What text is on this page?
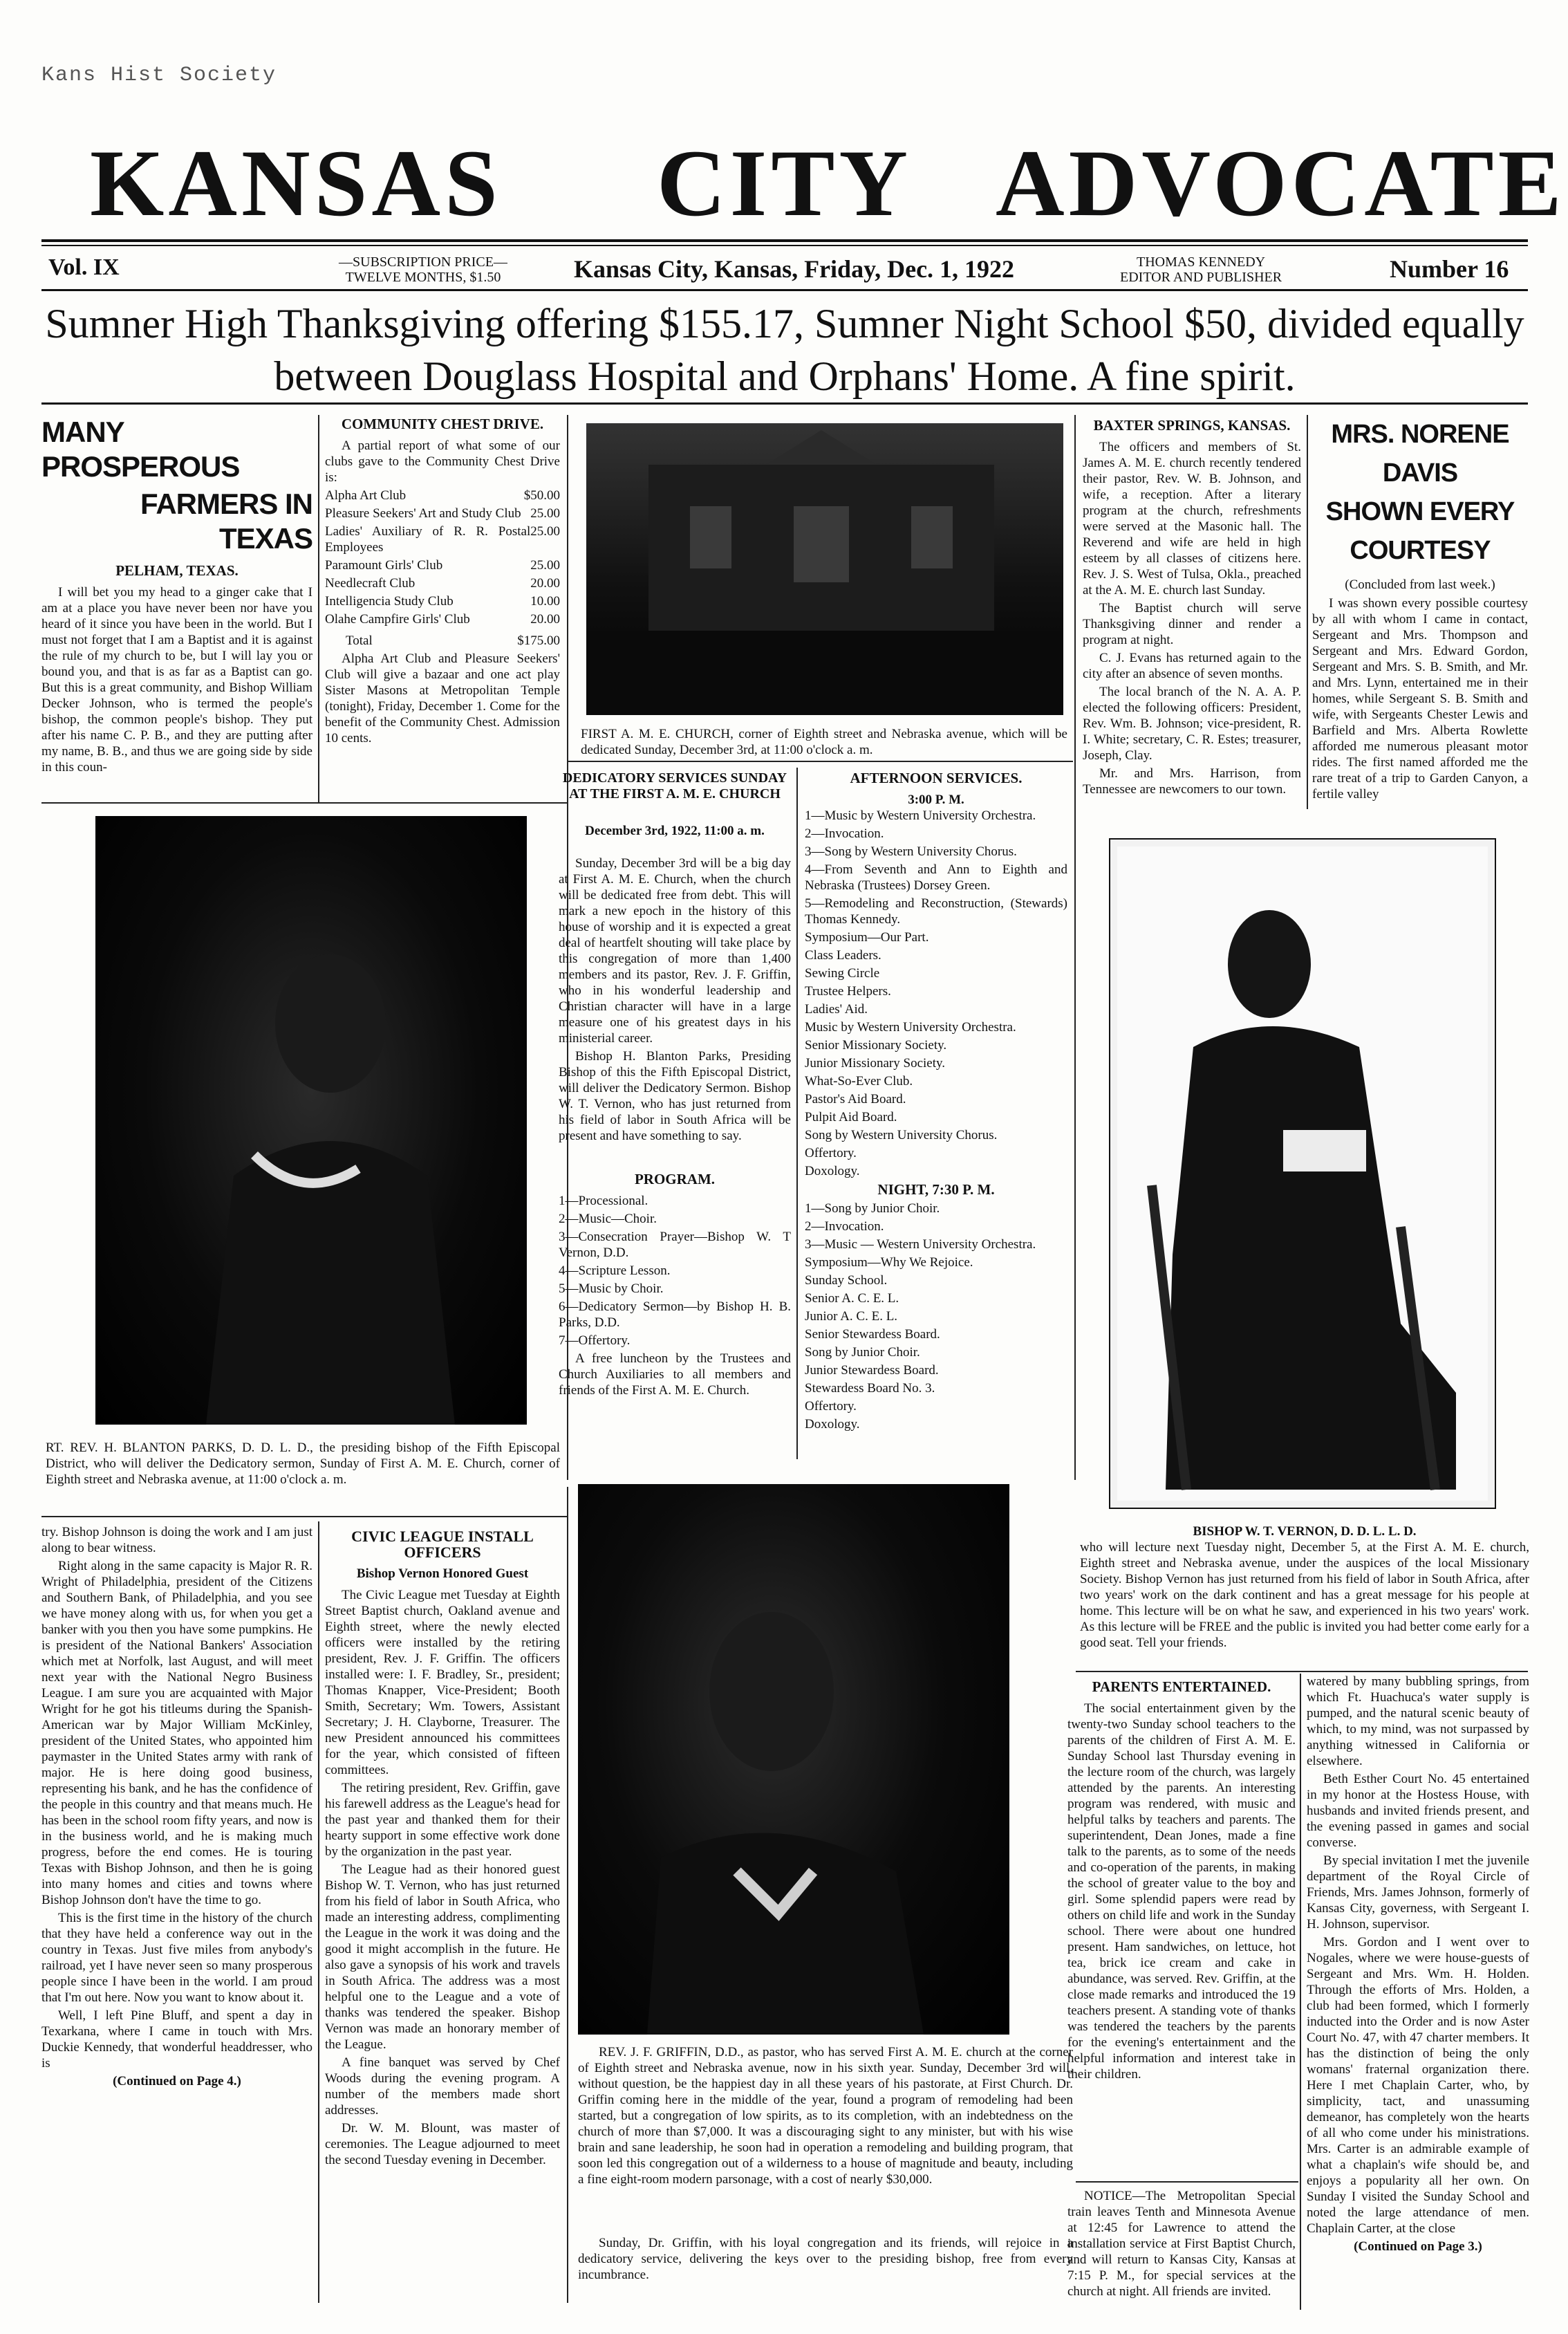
Kans Hist Society
KANSAS CITY ADVOCATE
Vol. IX	—SUBSCRIPTION PRICE—
TWELVE MONTHS, $1.50	Kansas City, Kansas, Friday, Dec. 1, 1922	THOMAS KENNEDY
EDITOR AND PUBLISHER	Number 16
Sumner High Thanksgiving offering $155.17, Sumner Night School $50, divided equally
between Douglass Hospital and Orphans' Home. A fine spirit.
MANY PROSPEROUS
FARMERS IN TEXAS
PELHAM, TEXAS.

I will bet you my head to a ginger cake that I am at a place you have never been nor have you heard of it since you have been in the world. But I must not forget that I am a Baptist and it is against the rule of my church to be, but I will lay you or bound you, and that is as far as a Baptist can go. But this is a great community, and Bishop William Decker Johnson, who is termed the people's bishop, the common people's bishop. They put after his name C. P. B., and they are putting after my name, B. B., and thus we are going side by side in this coun-

COMMUNITY CHEST DRIVE.

A partial report of what some of our clubs gave to the Community Chest Drive is:

Alpha Art Club	$50.00

Pleasure Seekers' Art and Study Club 25.00

Ladies' Auxiliary of R. R. Postal Employees
25.00

Paramount Girls' Club	25.00

Needlecraft Club	20.00

Intelligencia Study Club	10.00

Olahe Campfire Girls' Club	20.00

Total	$175.00

Alpha Art Club and Pleasure Seekers' Club will give a bazaar and one act play Sister Masons at Metropolitan Temple (tonight), Friday, December 1. Come for the benefit of the Community Chest. Admission 10 cents.	FIRST A. M. E. CHURCH, corner of Eighth street and Nebraska avenue, which will be dedicated Sunday, December 3rd, at 11:00 o'clock a. m.
DEDICATORY SERVICES SUNDAY AT THE FIRST A. M. E. CHURCH
December 3rd, 1922, 11:00 a. m.

Sunday, December 3rd will be a big day at First A. M. E. Church, when the church will be dedicated free from debt. This will mark a new epoch in the history of this house of worship and it is expected a great deal of heartfelt shouting will take place by this congregation of more than 1,400 members and its pastor, Rev. J. F. Griffin, who in his wonderful leadership and Christian character will have in a large measure one of his greatest days in his ministerial career.

Bishop H. Blanton Parks, Presiding Bishop of this the Fifth Episcopal District, will deliver the Dedicatory Sermon. Bishop W. T. Vernon, who has just returned from his field of labor in South Africa will be present and have something to say.

PROGRAM.

1—Processional.

2—Music—Choir.

3—Consecration Prayer—Bishop W. T Vernon, D.D.

4—Scripture Lesson.

5—Music by Choir.

6—Dedicatory Sermon—by Bishop H. B. Parks, D.D.

7—Offertory.

A free luncheon by the Trustees and Church Auxiliaries to all members and friends of the First A. M. E. Church.

AFTERNOON SERVICES.
3:00 P. M.

1—Music by Western University Orchestra.

2—Invocation.

3—Song by Western University Chorus.

4—From Seventh and Ann to Eighth and Nebraska (Trustees) Dorsey Green.

5—Remodeling and Reconstruction, (Stewards) Thomas Kennedy.

Symposium—Our Part.

Class Leaders.

Sewing Circle

Trustee Helpers.

Ladies' Aid.

Music by Western University Orchestra.

Senior Missionary Society.

Junior Missionary Society.

What-So-Ever Club.

Pastor's Aid Board.

Pulpit Aid Board.

Song by Western University Chorus.

Offertory.

Doxology.

NIGHT, 7:30 P. M.

1—Song by Junior Choir.

2—Invocation.

3—Music — Western University Orchestra.

Symposium—Why We Rejoice.

Sunday School.

Senior A. C. E. L.

Junior A. C. E. L.

Senior Stewardess Board.

Song by Junior Choir.

Junior Stewardess Board.

Stewardess Board No. 3.

Offertory.

Doxology.

BAXTER SPRINGS, KANSAS.

The officers and members of St. James A. M. E. church recently tendered their pastor, Rev. W. B. Johnson, and wife, a reception. After a literary program at the church, refreshments were served at the Masonic hall. The Reverend and wife are held in high esteem by all classes of citizens here. Rev. J. S. West of Tulsa, Okla., preached at the A. M. E. church last Sunday.

The Baptist church will serve Thanksgiving dinner and render a program at night.

C. J. Evans has returned again to the city after an absence of seven months.

The local branch of the N. A. A. P. elected the following officers: President, Rev. Wm. B. Johnson; vice-president, R. I. White; secretary, C. R. Estes; treasurer, Joseph, Clay.

Mr. and Mrs. Harrison, from Tennessee are newcomers to our town.

MRS. NORENE DAVIS
SHOWN EVERY
COURTESY
(Concluded from last week.)

I was shown every possible courtesy by all with whom I came in contact, Sergeant and Mrs. Thompson and Sergeant and Mrs. Edward Gordon, Sergeant and Mrs. S. B. Smith, and Mr. and Mrs. Lynn, entertained me in their homes, while Sergeant S. B. Smith and wife, with Sergeants Chester Lewis and Barfield and Mrs. Alberta Rowlette afforded me numerous pleasant motor rides. The first named afforded me the rare treat of a trip to Garden Canyon, a fertile valley

RT. REV. H. BLANTON PARKS, D. D. L. D., the presiding bishop of the Fifth Episcopal District, who will deliver the Dedicatory sermon, Sunday of First A. M. E. Church, corner of Eighth street and Nebraska avenue, at 11:00 o'clock a. m.
BISHOP W. T. VERNON, D. D. L. L. D.
who will lecture next Tuesday night, December 5, at the First A. M. E. church, Eighth street and Nebraska avenue, under the auspices of the local Missionary Society. Bishop Vernon has just returned from his field of labor in South Africa, after two years' work on the dark continent and has a great message for his people at home. This lecture will be on what he saw, and experienced in his two years' work. As this lecture will be FREE and the public is invited you had better come early for a good seat. Tell your friends.

try. Bishop Johnson is doing the work and I am just along to bear witness.

Right along in the same capacity is Major R. R. Wright of Philadelphia, president of the Citizens and Southern Bank, of Philadelphia, and you see we have money along with us, for when you get a banker with you then you have some pumpkins. He is president of the National Bankers' Association which met at Norfolk, last August, and will meet next year with the National Negro Business League. I am sure you are acquainted with Major Wright for he got his titleums during the Spanish-American war by Major William McKinley, president of the United States, who appointed him paymaster in the United States army with rank of major. He is here doing good business, representing his bank, and he has the confidence of the people in this country and that means much. He has been in the school room fifty years, and now is in the business world, and he is making much progress, before the end comes. He is touring Texas with Bishop Johnson, and then he is going into many homes and cities and towns where Bishop Johnson don't have the time to go.

This is the first time in the history of the church that they have held a conference way out in the country in Texas. Just five miles from anybody's railroad, yet I have never seen so many prosperous people since I have been in the world. I am proud that I'm out here. Now you want to know about it.

Well, I left Pine Bluff, and spent a day in Texarkana, where I came in touch with Mrs. Duckie Kennedy, that wonderful headdresser, who is

(Continued on Page 4.)
CIVIC LEAGUE INSTALL
OFFICERS
Bishop Vernon Honored Guest

The Civic League met Tuesday at Eighth Street Baptist church, Oakland avenue and Eighth street, where the newly elected officers were installed by the retiring president, Rev. J. F. Griffin. The officers installed were: I. F. Bradley, Sr., president; Thomas Knapper, Vice-President; Booth Smith, Secretary; Wm. Towers, Assistant Secretary; J. H. Clayborne, Treasurer. The new President announced his committees for the year, which consisted of fifteen committees.

The retiring president, Rev. Griffin, gave his farewell address as the League's head for the past year and thanked them for their hearty support in some effective work done by the organization in the past year.

The League had as their honored guest Bishop W. T. Vernon, who has just returned from his field of labor in South Africa, who made an interesting address, complimenting the League in the work it was doing and the good it might accomplish in the future. He also gave a synopsis of his work and travels in South Africa. The address was a most helpful one to the League and a vote of thanks was tendered the speaker. Bishop Vernon was made an honorary member of the League.

A fine banquet was served by Chef Woods during the evening program. A number of the members made short addresses.

Dr. W. M. Blount, was master of ceremonies. The League adjourned to meet the second Tuesday evening in December.

REV. J. F. GRIFFIN, D.D., as pastor, who has served First A. M. E. church at the corner of Eighth street and Nebraska avenue, now in his sixth year. Sunday, December 3rd will, without question, be the happiest day in all these years of his pastorate, at First Church. Dr. Griffin coming here in the middle of the year, found a program of remodeling had been started, but a congregation of low spirits, as to its completion, with an indebtedness on the church of more than $7,000. It was a discouraging sight to any minister, but with his wise brain and sane leadership, he soon had in operation a remodeling and building program, that soon led this congregation out of a wilderness to a house of magnitude and beauty, including a fine eight-room modern parsonage, with a cost of nearly $30,000.
Sunday, Dr. Griffin, with his loyal congregation and its friends, will rejoice in a dedicatory service, delivering the keys over to the presiding bishop, free from every incumbrance.
PARENTS ENTERTAINED.

The social entertainment given by the twenty-two Sunday school teachers to the parents of the children of First A. M. E. Sunday School last Thursday evening in the lecture room of the church, was largely attended by the parents. An interesting program was rendered, with music and helpful talks by teachers and parents. The superintendent, Dean Jones, made a fine talk to the parents, as to some of the needs and co-operation of the parents, in making the school of greater value to the boy and girl. Some splendid papers were read by others on child life and work in the Sunday school. There were about one hundred present. Ham sandwiches, on lettuce, hot tea, brick ice cream and cake in abundance, was served. Rev. Griffin, at the close made remarks and introduced the 19 teachers present. A standing vote of thanks was tendered the teachers by the parents for the evening's entertainment and the helpful information and interest take in their children.

NOTICE—The Metropolitan Special train leaves Tenth and Minnesota Avenue at 12:45 for Lawrence to attend the installation service at First Baptist Church, and will return to Kansas City, Kansas at 7:15 P. M., for special services at the church at night. All friends are invited.

watered by many bubbling springs, from which Ft. Huachuca's water supply is pumped, and the natural scenic beauty of which, to my mind, was not surpassed by anything witnessed in California or elsewhere.

Beth Esther Court No. 45 entertained in my honor at the Hostess House, with husbands and invited friends present, and the evening passed in games and social converse.

By special invitation I met the juvenile department of the Royal Circle of Friends, Mrs. James Johnson, formerly of Kansas City, governess, with Sergeant I. H. Johnson, supervisor.

Mrs. Gordon and I went over to Nogales, where we were house-guests of Sergeant and Mrs. Wm. H. Holden. Through the efforts of Mrs. Holden, a club had been formed, which I formerly inducted into the Order and is now Aster Court No. 47, with 47 charter members. It has the distinction of being the only womans' fraternal organization there. Here I met Chaplain Carter, who, by simplicity, tact, and unassuming demeanor, has completely won the hearts of all who come under his ministrations. Mrs. Carter is an admirable example of what a chaplain's wife should be, and enjoys a popularity all her own. On Sunday I visited the Sunday School and noted the large attendance of men. Chaplain Carter, at the close

(Continued on Page 3.)
